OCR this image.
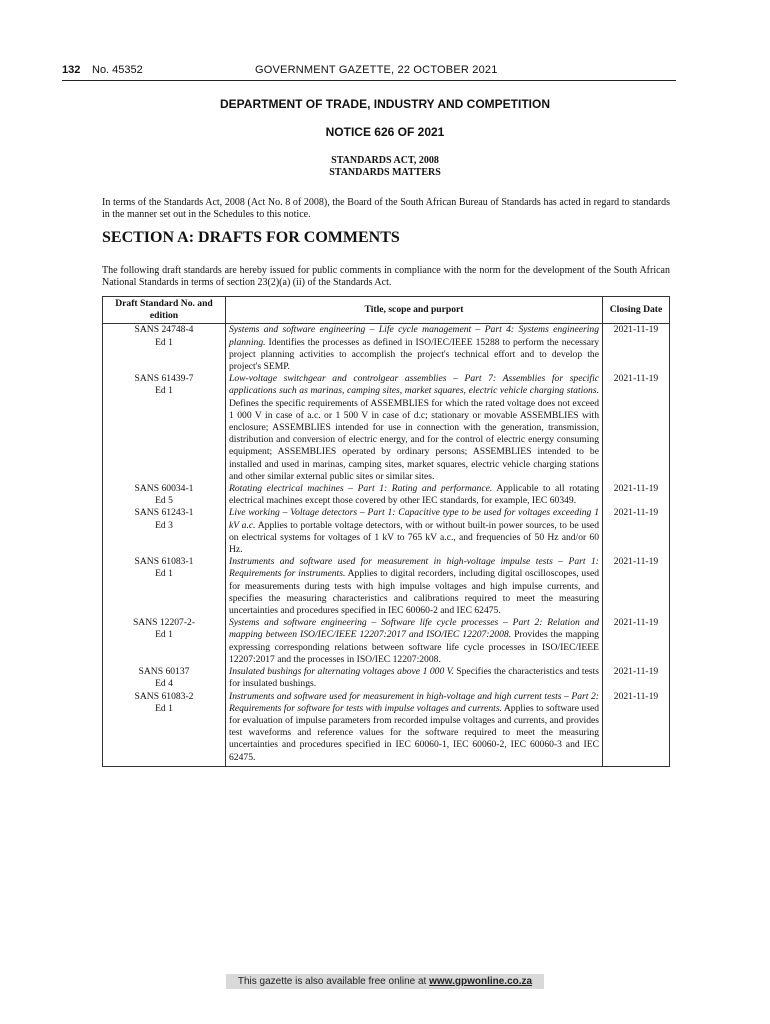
132 No. 45352	GOVERNMENT GAZETTE, 22 OCTOBER 2021
DEPARTMENT OF TRADE, INDUSTRY AND COMPETITION
NOTICE 626 OF 2021
STANDARDS ACT, 2008
STANDARDS MATTERS
In terms of the Standards Act, 2008 (Act No. 8 of 2008), the Board of the South African Bureau of Standards has acted in regard to standards in the manner set out in the Schedules to this notice.
SECTION A: DRAFTS FOR COMMENTS
The following draft standards are hereby issued for public comments in compliance with the norm for the development of the South African National Standards in terms of section 23(2)(a) (ii) of the Standards Act.
Draft Standard No. and edition	Title, scope and purport	Closing Date

SANS 24748-4
Ed 1	Systems and software engineering – Life cycle management – Part 4: Systems engineering planning. Identifies the processes as defined in ISO/IEC/IEEE 15288 to perform the necessary project planning activities to accomplish the project's technical effort and to develop the project's SEMP.	2021-11-19

SANS 61439-7
Ed 1	Low-voltage switchgear and controlgear assemblies – Part 7: Assemblies for specific applications such as marinas, camping sites, market squares, electric vehicle charging stations. Defines the specific requirements of ASSEMBLIES for which the rated voltage does not exceed 1 000 V in case of a.c. or 1 500 V in case of d.c; stationary or movable ASSEMBLIES with enclosure; ASSEMBLIES intended for use in connection with the generation, transmission, distribution and conversion of electric energy, and for the control of electric energy consuming equipment; ASSEMBLIES operated by ordinary persons; ASSEMBLIES intended to be installed and used in marinas, camping sites, market squares, electric vehicle charging stations and other similar external public sites or similar sites.	2021-11-19

SANS 60034-1
Ed 5	Rotating electrical machines – Part 1: Rating and performance. Applicable to all rotating electrical machines except those covered by other IEC standards, for example, IEC 60349.	2021-11-19

SANS 61243-1
Ed 3	Live working – Voltage detectors – Part 1: Capacitive type to be used for voltages exceeding 1 kV a.c. Applies to portable voltage detectors, with or without built-in power sources, to be used on electrical systems for voltages of 1 kV to 765 kV a.c., and frequencies of 50 Hz and/or 60 Hz.	2021-11-19

SANS 61083-1
Ed 1	Instruments and software used for measurement in high-voltage impulse tests – Part 1: Requirements for instruments. Applies to digital recorders, including digital oscilloscopes, used for measurements during tests with high impulse voltages and high impulse currents, and specifies the measuring characteristics and calibrations required to meet the measuring uncertainties and procedures specified in IEC 60060-2 and IEC 62475.	2021-11-19

SANS 12207-2-
Ed 1	Systems and software engineering – Software life cycle processes – Part 2: Relation and mapping between ISO/IEC/IEEE 12207:2017 and ISO/IEC 12207:2008. Provides the mapping expressing corresponding relations between software life cycle processes in ISO/IEC/IEEE 12207:2017 and the processes in ISO/IEC 12207:2008.	2021-11-19

SANS 60137
Ed 4	Insulated bushings for alternating voltages above 1 000 V. Specifies the characteristics and tests for insulated bushings.	2021-11-19

SANS 61083-2
Ed 1	Instruments and software used for measurement in high-voltage and high current tests – Part 2: Requirements for software for tests with impulse voltages and currents. Applies to software used for evaluation of impulse parameters from recorded impulse voltages and currents, and provides test waveforms and reference values for the software required to meet the measuring uncertainties and procedures specified in IEC 60060-1, IEC 60060-2, IEC 60060-3 and IEC 62475.	2021-11-19
This gazette is also available free online at www.gpwonline.co.za
